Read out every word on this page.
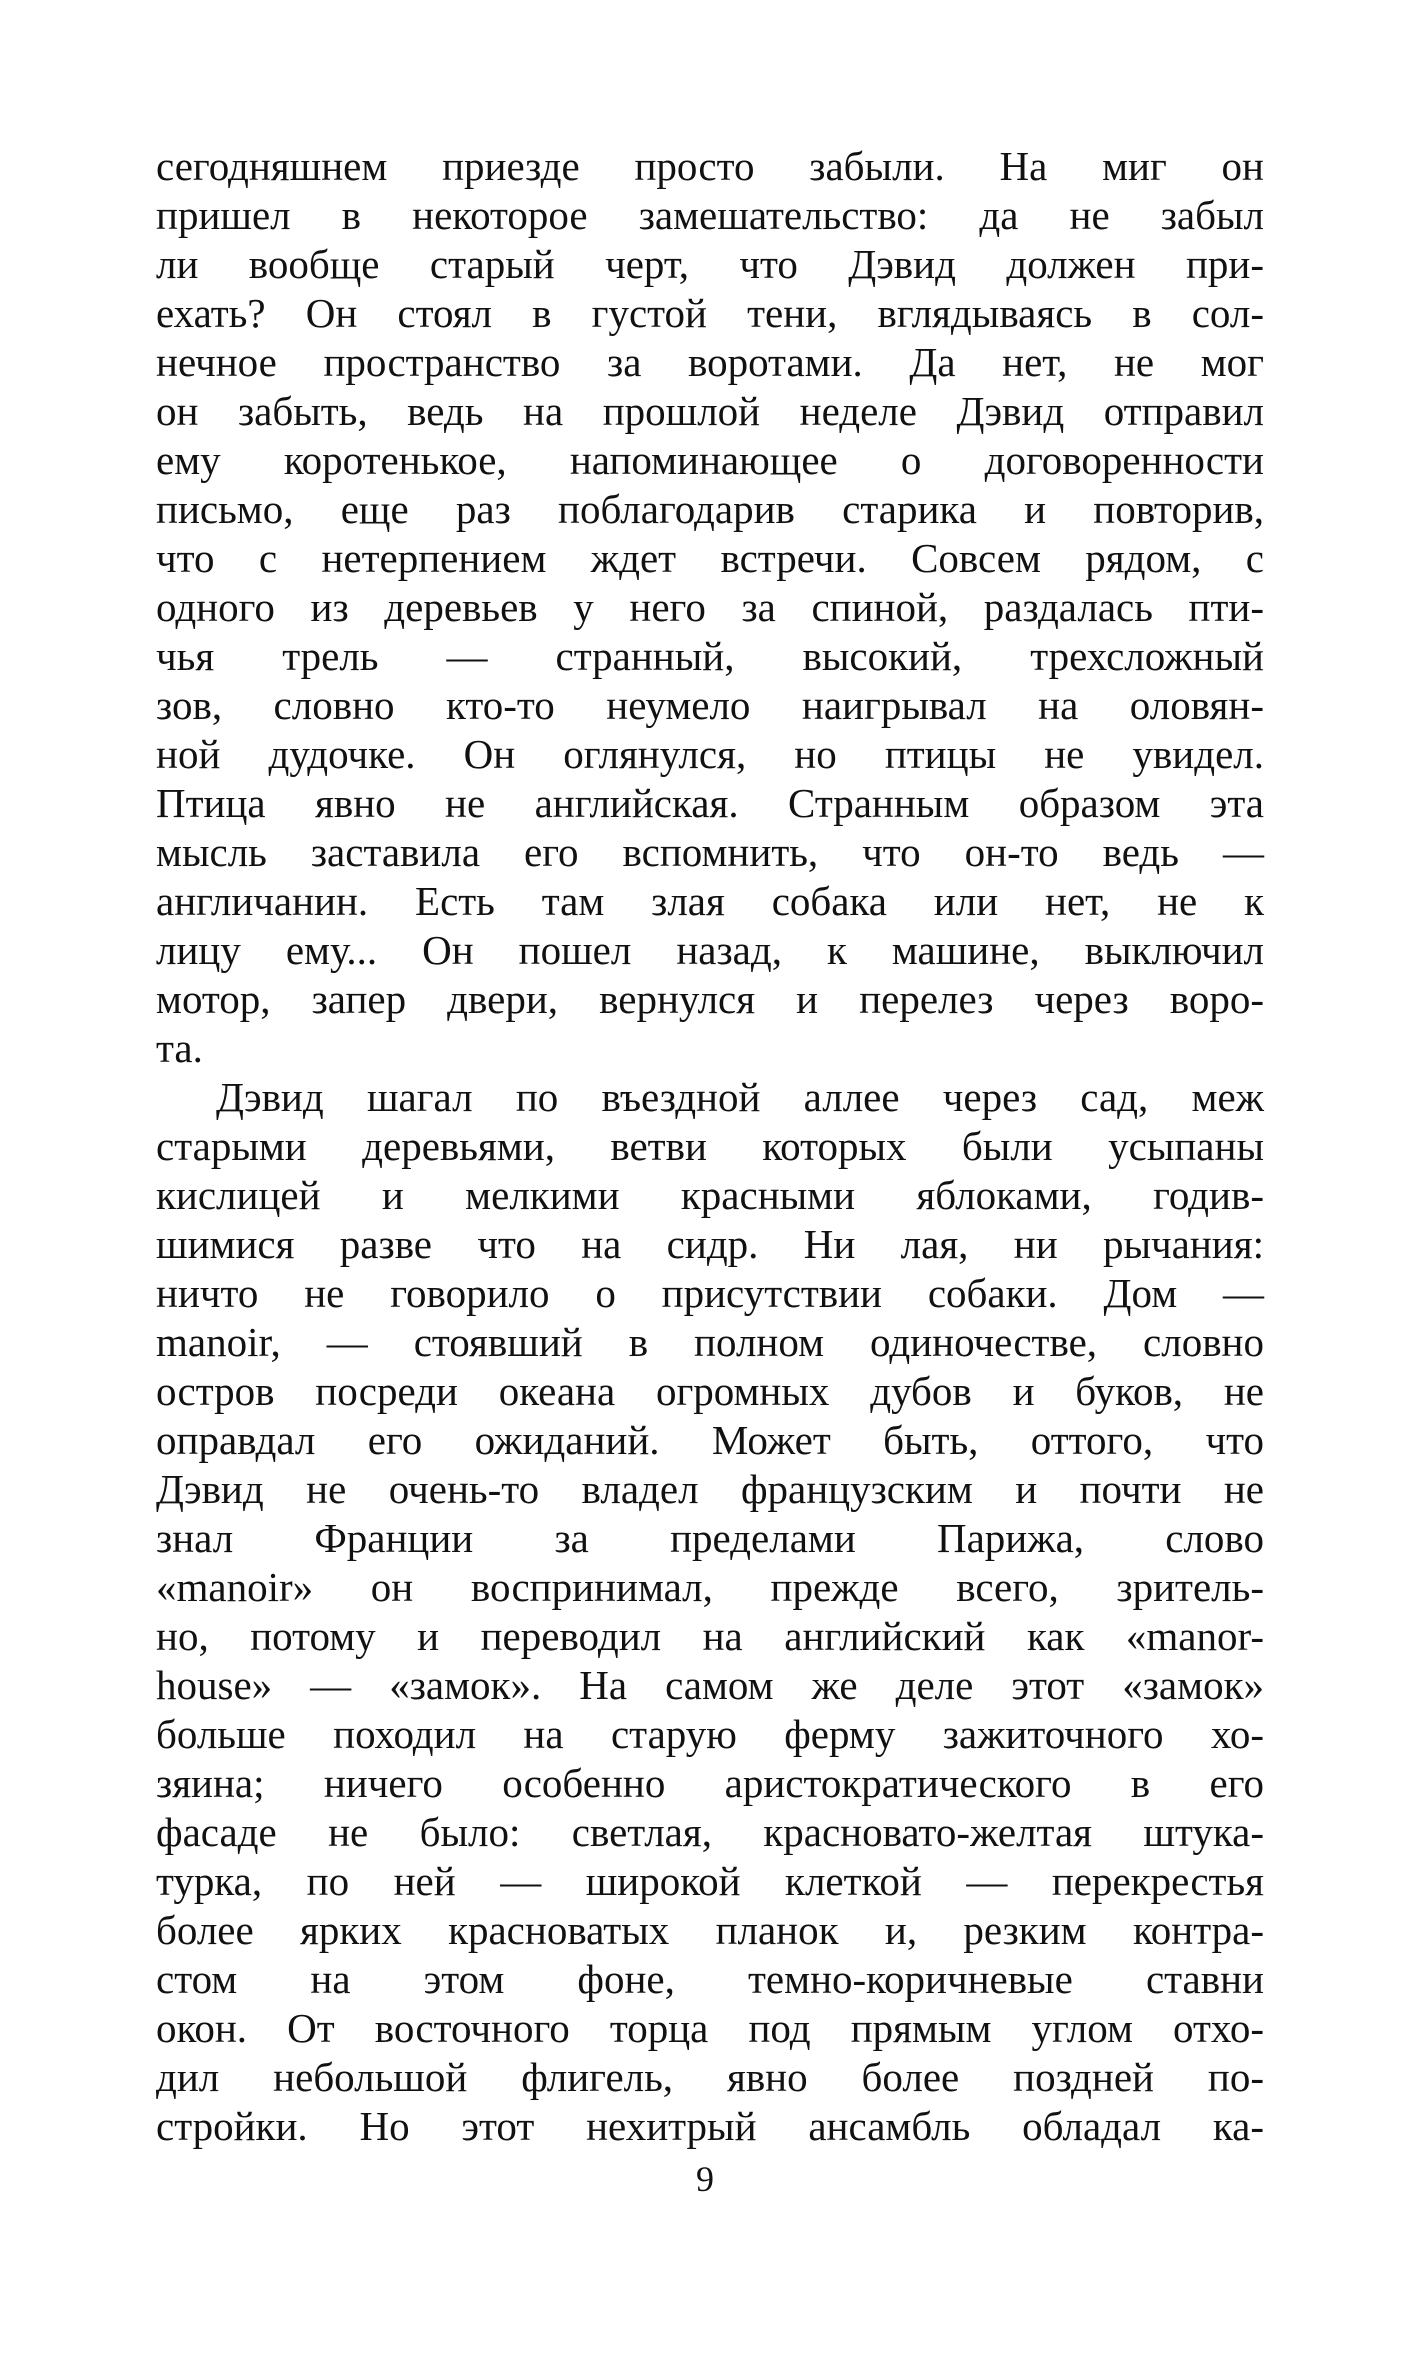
сегодняшнем приезде просто забыли. На миг он
пришел в некоторое замешательство: да не забыл
ли вообще старый черт, что Дэвид должен при-
ехать? Он стоял в густой тени, вглядываясь в сол-
нечное пространство за воротами. Да нет, не мог
он забыть, ведь на прошлой неделе Дэвид отправил
ему коротенькое, напоминающее о договоренности
письмо, еще раз поблагодарив старика и повторив,
что с нетерпением ждет встречи. Совсем рядом, с
одного из деревьев у него за спиной, раздалась пти-
чья трель — странный, высокий, трехсложный
зов, словно кто-то неумело наигрывал на оловян-
ной дудочке. Он оглянулся, но птицы не увидел.
Птица явно не английская. Странным образом эта
мысль заставила его вспомнить, что он-то ведь —
англичанин. Есть там злая собака или нет, не к
лицу ему... Он пошел назад, к машине, выключил
мотор, запер двери, вернулся и перелез через воро-
та.
Дэвид шагал по въездной аллее через сад, меж
старыми деревьями, ветви которых были усыпаны
кислицей и мелкими красными яблоками, годив-
шимися разве что на сидр. Ни лая, ни рычания:
ничто не говорило о присутствии собаки. Дом —
manoir, — стоявший в полном одиночестве, словно
остров посреди океана огромных дубов и буков, не
оправдал его ожиданий. Может быть, оттого, что
Дэвид не очень-то владел французским и почти не
знал Франции за пределами Парижа, слово
«manoir» он воспринимал, прежде всего, зритель-
но, потому и переводил на английский как «manor-
house» — «замок». На самом же деле этот «замок»
больше походил на старую ферму зажиточного хо-
зяина; ничего особенно аристократического в его
фасаде не было: светлая, красновато-желтая штука-
турка, по ней — широкой клеткой — перекрестья
более ярких красноватых планок и, резким контра-
стом на этом фоне, темно-коричневые ставни
окон. От восточного торца под прямым углом отхо-
дил небольшой флигель, явно более поздней по-
стройки. Но этот нехитрый ансамбль обладал ка-
9
